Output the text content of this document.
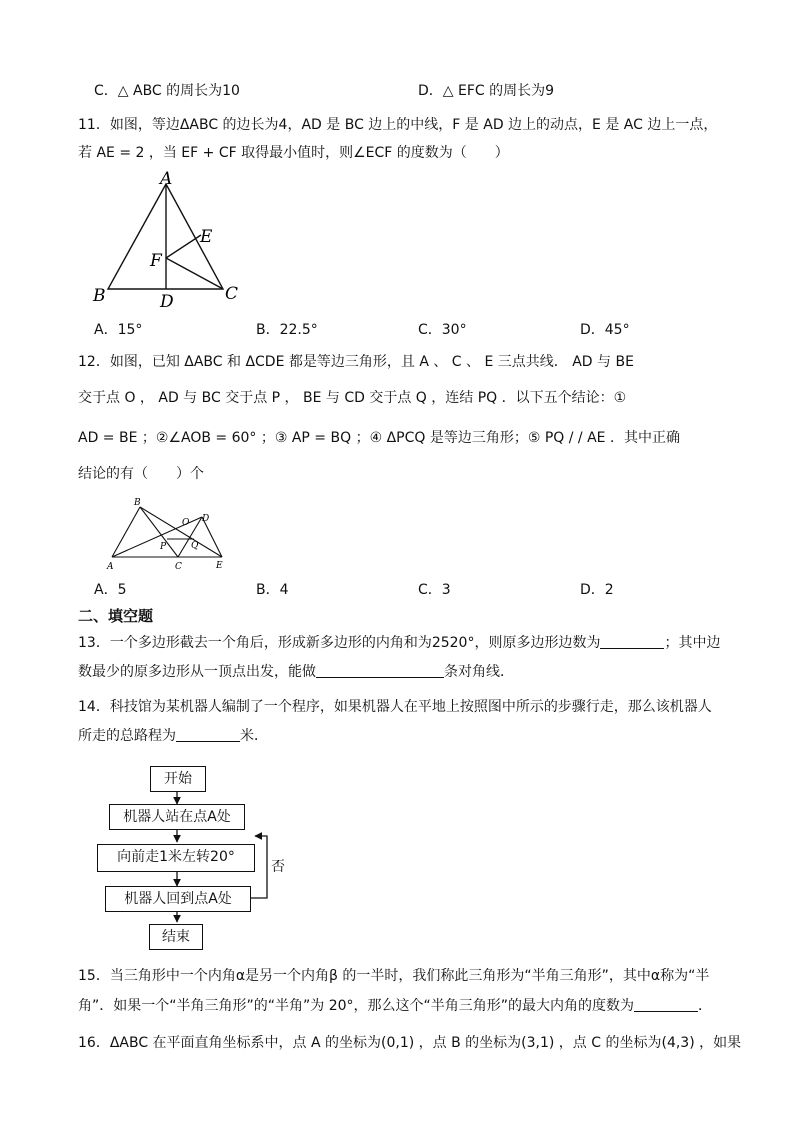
C．△ ABC 的周长为10	D．△ EFC 的周长为9
11．如图，等边ΔABC 的边长为4，AD 是 BC 边上的中线，F 是 AD 边上的动点，E 是 AC 边上一点，
若 AE = 2 ，当 EF + CF 取得最小值时，则∠ECF 的度数为（　　）
A
B	C
D
E
F
A．15°	B．22.5°	C．30°	D．45°
12．如图，已知 ΔABC 和 ΔCDE 都是等边三角形，且 A 、 C 、 E 三点共线． AD 与 BE
交于点 O ， AD 与 BC 交于点 P ， BE 与 CD 交于点 Q ，连结 PQ ．以下五个结论：①
AD = BE ；②∠AOB = 60° ；③ AP = BQ ；④ ΔPCQ 是等边三角形；⑤ PQ / / AE ．其中正确
结论的有（　　）个
B
A	C	E
D
O
P	Q
A．5	B．4	C．3	D．2
二、填空题
13．一个多边形截去一个角后，形成新多边形的内角和为2520°，则原多边形边数为	；其中边
数最少的原多边形从一顶点出发，能做	条对角线．
14．科技馆为某机器人编制了一个程序，如果机器人在平地上按照图中所示的步骤行走，那么该机器人
所走的总路程为	米．
开始
机器人站在点A处
向前走1米左转20°
机器人回到点A处
结束
否
15．当三角形中一个内角α是另一个内角β 的一半时，我们称此三角形为“半角三角形”，其中α称为“半
角”．如果一个“半角三角形”的“半角”为 20°，那么这个“半角三角形”的最大内角的度数为	．
16．ΔABC 在平面直角坐标系中，点 A 的坐标为(0,1) ，点 B 的坐标为(3,1) ，点 C 的坐标为(4,3) ，如果
